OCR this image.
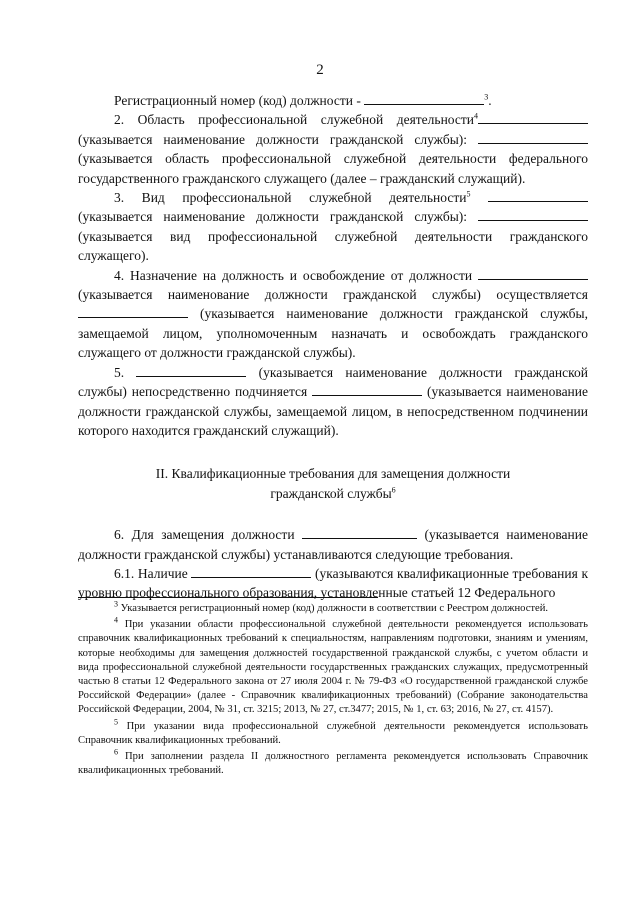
2

Регистрационный номер (код) должности -	$^3$.

2. Область профессиональной служебной деятельности$^4$ (указывается наименование должности гражданской службы):  (указывается область профессиональной служебной деятельности федерального государственного гражданского служащего (далее – гражданский служащий).

3. Вид профессиональной служебной деятельности$^5$  (указывается наименование должности гражданской службы):  (указывается вид профессиональной служебной деятельности гражданского служащего).

4. Назначение на должность и освобождение от должности  (указывается наименование должности гражданской службы) осуществляется  (указывается наименование должности гражданской службы, замещаемой лицом, уполномоченным назначать и освобождать гражданского служащего от должности гражданской службы).

5.	(указывается наименование должности гражданской службы) непосредственно подчиняется	(указывается наименование должности гражданской службы, замещаемой лицом, в непосредственном подчинении которого находится гражданский служащий).

II. Квалификационные требования для замещения должности
гражданской службы$^6$

6. Для замещения должности	(указывается наименование должности гражданской службы) устанавливаются следующие требования.

6.1. Наличие	(указываются квалификационные требования к уровню профессионального образования, установленные статьей 12 Федерального

$^3$ Указывается регистрационный номер (код) должности в соответствии с Реестром должностей.

$^4$ При указании области профессиональной служебной деятельности рекомендуется использовать справочник квалификационных требований к специальностям, направлениям подготовки, знаниям и умениям, которые необходимы для замещения должностей государственной гражданской службы, с учетом области и вида профессиональной служебной деятельности государственных гражданских служащих, предусмотренный частью 8 статьи 12 Федерального закона от 27 июля 2004 г. № 79-ФЗ «О государственной гражданской службе Российской Федерации» (далее - Справочник квалификационных требований) (Собрание законодательства Российской Федерации, 2004, № 31, ст. 3215; 2013, № 27, ст.3477; 2015, № 1, ст. 63; 2016, № 27, ст. 4157).

$^5$ При указании вида профессиональной служебной деятельности рекомендуется использовать Справочник квалификационных требований.

$^6$ При заполнении раздела II должностного регламента рекомендуется использовать Справочник квалификационных требований.
